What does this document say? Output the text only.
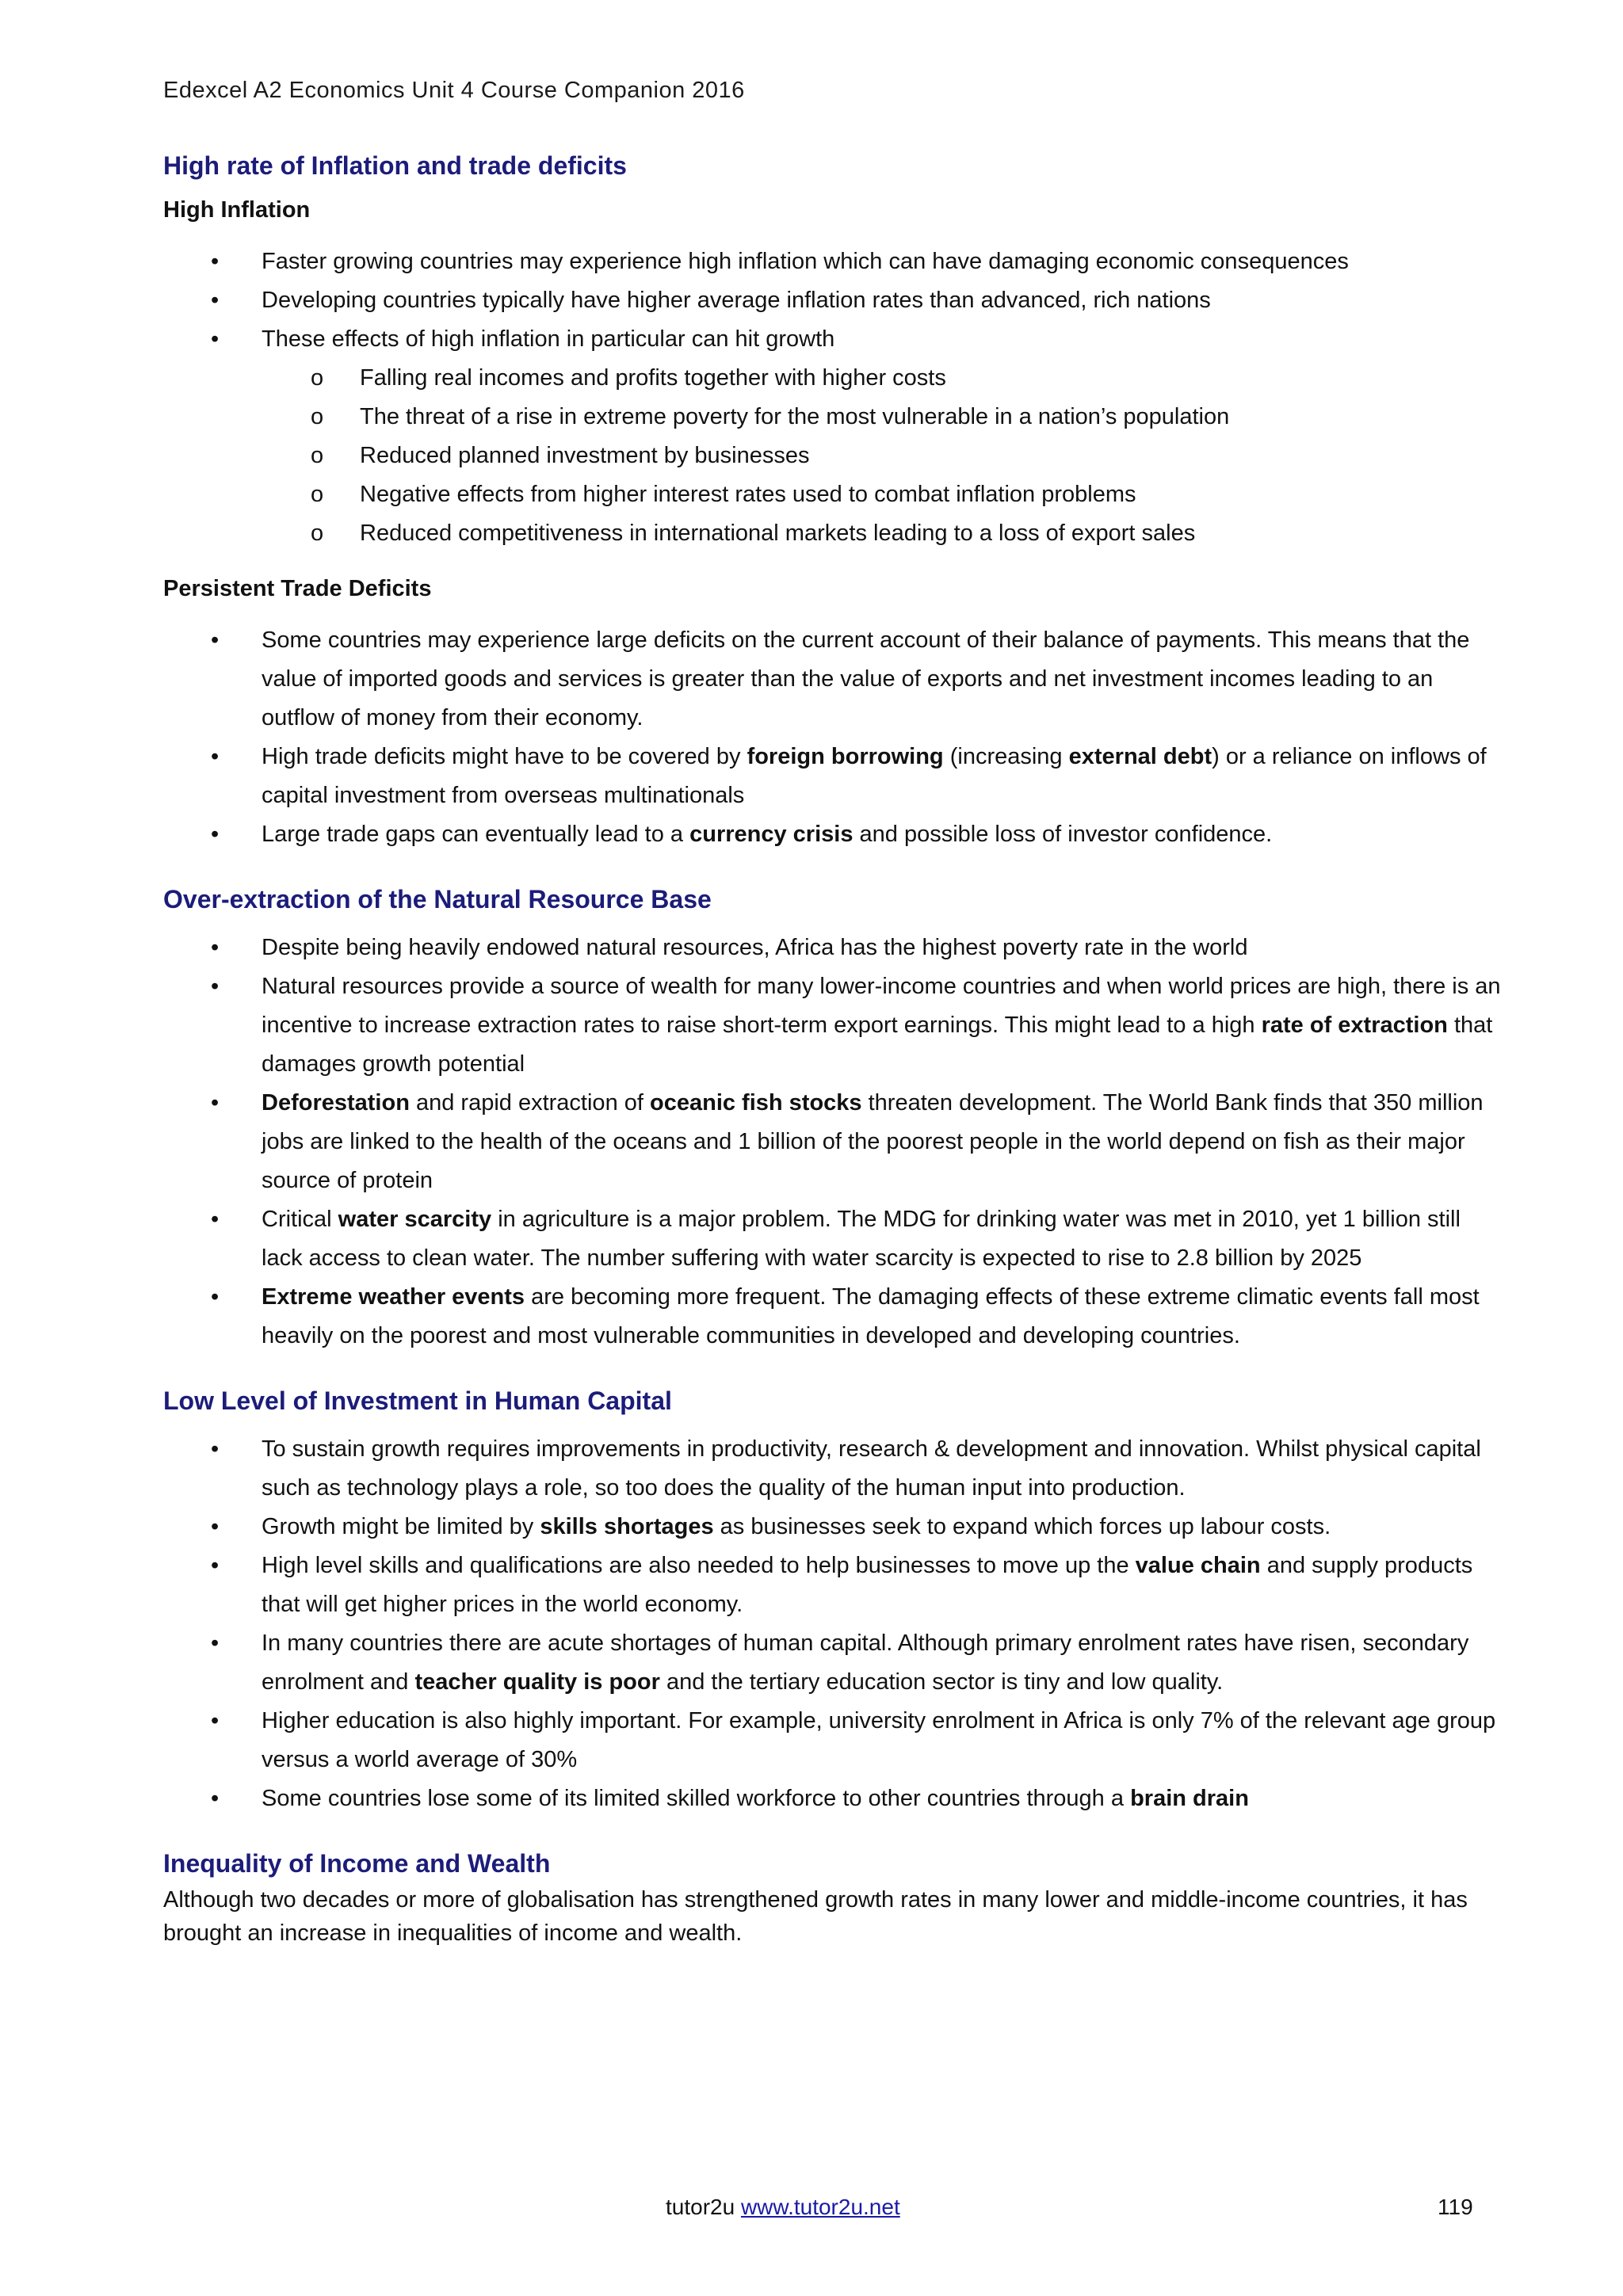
Edexcel A2 Economics Unit 4 Course Companion 2016
High rate of Inflation and trade deficits
High Inflation
• Faster growing countries may experience high inflation which can have damaging economic consequences
• Developing countries typically have higher average inflation rates than advanced, rich nations
• These effects of high inflation in particular can hit growth
o Falling real incomes and profits together with higher costs
o The threat of a rise in extreme poverty for the most vulnerable in a nation’s population
o Reduced planned investment by businesses
o Negative effects from higher interest rates used to combat inflation problems
o Reduced competitiveness in international markets leading to a loss of export sales
Persistent Trade Deficits
• Some countries may experience large deficits on the current account of their balance of payments. This means that the value of imported goods and services is greater than the value of exports and net investment incomes leading to an outflow of money from their economy.
• High trade deficits might have to be covered by foreign borrowing (increasing external debt) or a reliance on inflows of capital investment from overseas multinationals
• Large trade gaps can eventually lead to a currency crisis and possible loss of investor confidence.
Over-extraction of the Natural Resource Base
• Despite being heavily endowed natural resources, Africa has the highest poverty rate in the world
• Natural resources provide a source of wealth for many lower-income countries and when world prices are high, there is an incentive to increase extraction rates to raise short-term export earnings. This might lead to a high rate of extraction that damages growth potential
• Deforestation and rapid extraction of oceanic fish stocks threaten development. The World Bank finds that 350 million jobs are linked to the health of the oceans and 1 billion of the poorest people in the world depend on fish as their major source of protein
• Critical water scarcity in agriculture is a major problem. The MDG for drinking water was met in 2010, yet 1 billion still lack access to clean water. The number suffering with water scarcity is expected to rise to 2.8 billion by 2025
• Extreme weather events are becoming more frequent. The damaging effects of these extreme climatic events fall most heavily on the poorest and most vulnerable communities in developed and developing countries.
Low Level of Investment in Human Capital
• To sustain growth requires improvements in productivity, research & development and innovation. Whilst physical capital such as technology plays a role, so too does the quality of the human input into production.
• Growth might be limited by skills shortages as businesses seek to expand which forces up labour costs.
• High level skills and qualifications are also needed to help businesses to move up the value chain and supply products that will get higher prices in the world economy.
• In many countries there are acute shortages of human capital. Although primary enrolment rates have risen, secondary enrolment and teacher quality is poor and the tertiary education sector is tiny and low quality.
• Higher education is also highly important. For example, university enrolment in Africa is only 7% of the relevant age group versus a world average of 30%
• Some countries lose some of its limited skilled workforce to other countries through a brain drain
Inequality of Income and Wealth

Although two decades or more of globalisation has strengthened growth rates in many lower and middle-income countries, it has brought an increase in inequalities of income and wealth.

tutor2u www.tutor2u.net	119
